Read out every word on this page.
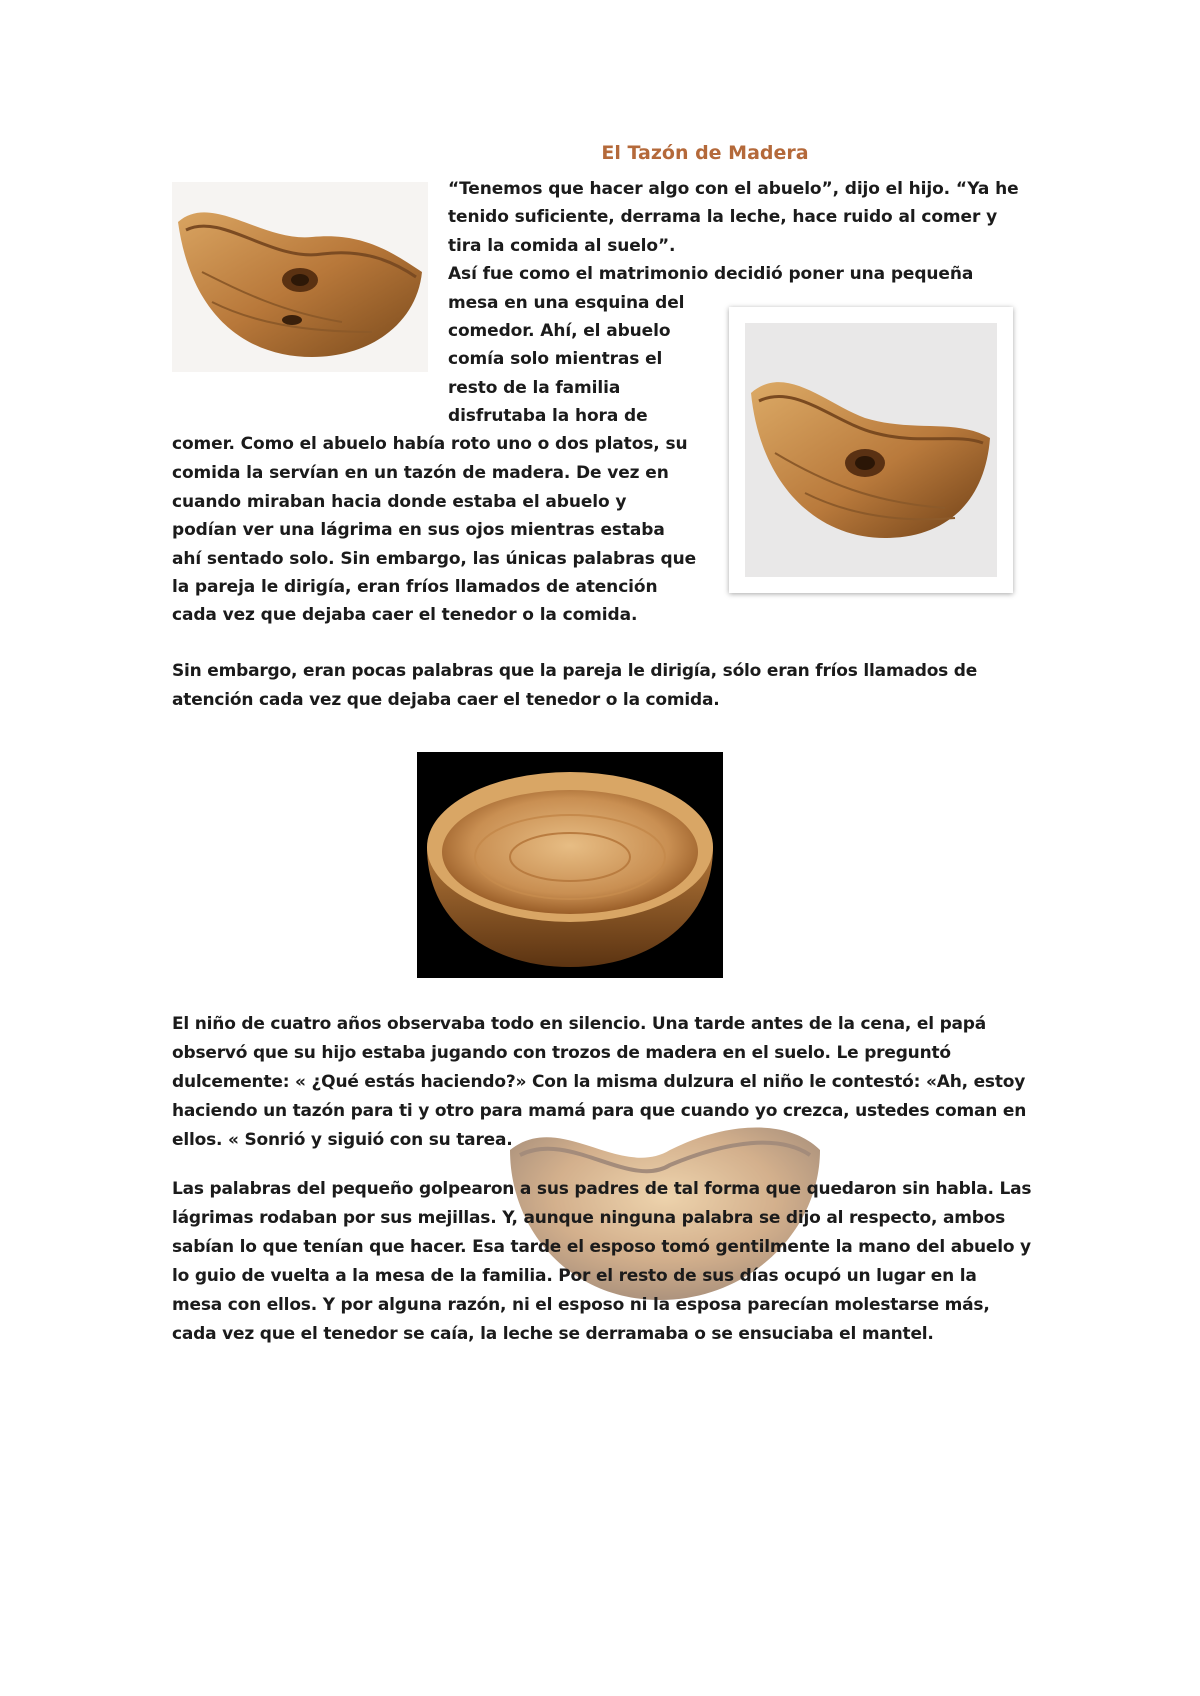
El Tazón de Madera
“Tenemos que hacer algo con el abuelo”, dijo el hijo. “Ya he
tenido suficiente, derrama la leche, hace ruido al comer y
tira la comida al suelo”.
Así fue como el matrimonio decidió poner una pequeña
mesa en una esquina del
comedor. Ahí, el abuelo
comía solo mientras el
resto de la familia
disfrutaba la hora de
comer. Como el abuelo había roto uno o dos platos, su
comida la servían en un tazón de madera. De vez en
cuando miraban hacia donde estaba el abuelo y
podían ver una lágrima en sus ojos mientras estaba
ahí sentado solo. Sin embargo, las únicas palabras que
la pareja le dirigía, eran fríos llamados de atención
cada vez que dejaba caer el tenedor o la comida.
Sin embargo, eran pocas palabras que la pareja le dirigía, sólo eran fríos llamados de atención cada vez que dejaba caer el tenedor o la comida.
El niño de cuatro años observaba todo en silencio. Una tarde antes de la cena, el papá observó que su hijo estaba jugando con trozos de madera en el suelo. Le preguntó dulcemente: « ¿Qué estás haciendo?» Con la misma dulzura el niño le contestó: «Ah, estoy haciendo un tazón para ti y otro para mamá para que cuando yo crezca, ustedes coman en ellos. « Sonrió y siguió con su tarea.
Las palabras del pequeño golpearon a sus padres de tal forma que quedaron sin habla. Las lágrimas rodaban por sus mejillas. Y, aunque ninguna palabra se dijo al respecto, ambos sabían lo que tenían que hacer. Esa tarde el esposo tomó gentilmente la mano del abuelo y lo guio de vuelta a la mesa de la familia. Por el resto de sus días ocupó un lugar en la mesa con ellos. Y por alguna razón, ni el esposo ni la esposa parecían molestarse más, cada vez que el tenedor se caía, la leche se derramaba o se ensuciaba el mantel.
